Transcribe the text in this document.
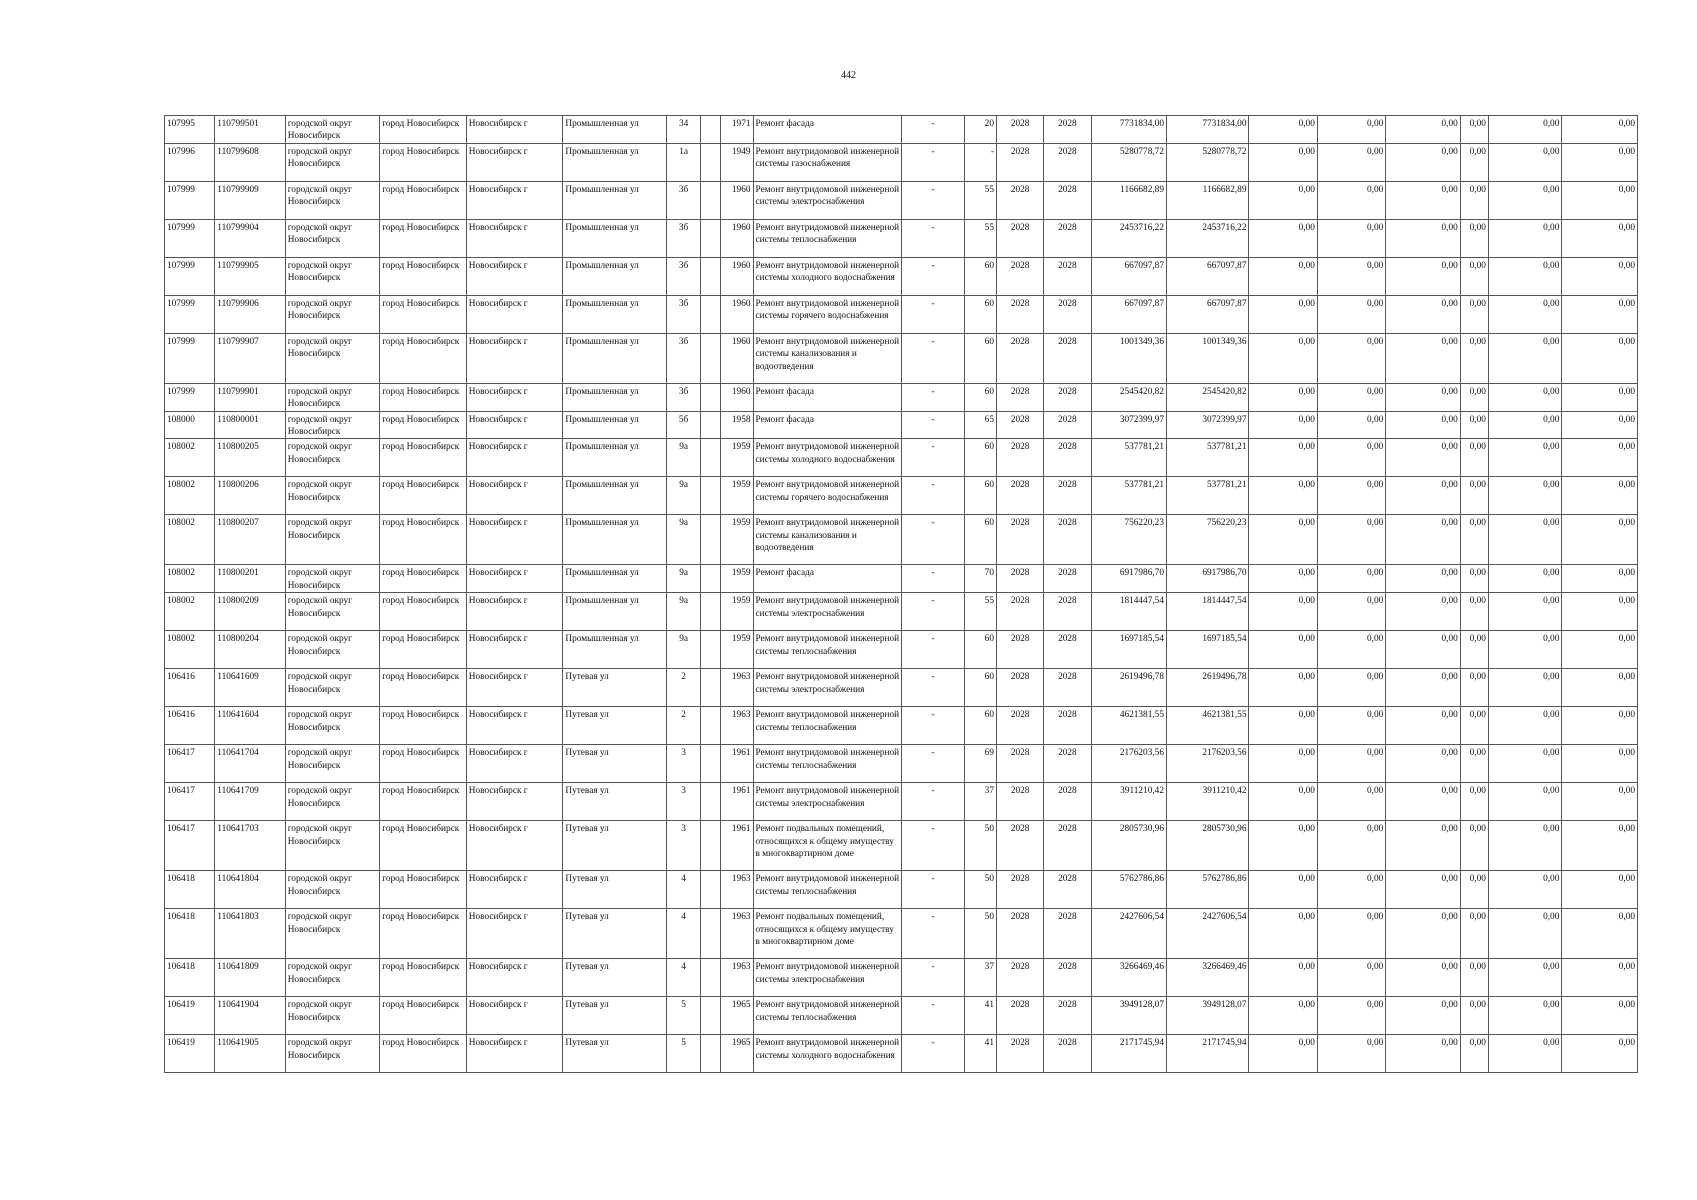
442
107995	110799501	городской округ Новосибирск	город Новосибирск	Новосибирск г	Промышленная ул	34		1971	Ремонт фасада	-	20	2028	2028	7731834,00	7731834,00	0,00	0,00	0,00	0,00	0,00	0,00
107996	110799608	городской округ Новосибирск	город Новосибирск	Новосибирск г	Промышленная ул	1а		1949	Ремонт внутридомовой инженерной системы газоснабжения	-	-	2028	2028	5280778,72	5280778,72	0,00	0,00	0,00	0,00	0,00	0,00
107999	110799909	городской округ Новосибирск	город Новосибирск	Новосибирск г	Промышленная ул	3б		1960	Ремонт внутридомовой инженерной системы электроснабжения	-	55	2028	2028	1166682,89	1166682,89	0,00	0,00	0,00	0,00	0,00	0,00
107999	110799904	городской округ Новосибирск	город Новосибирск	Новосибирск г	Промышленная ул	3б		1960	Ремонт внутридомовой инженерной системы теплоснабжения	-	55	2028	2028	2453716,22	2453716,22	0,00	0,00	0,00	0,00	0,00	0,00
107999	110799905	городской округ Новосибирск	город Новосибирск	Новосибирск г	Промышленная ул	3б		1960	Ремонт внутридомовой инженерной системы холодного водоснабжения	-	60	2028	2028	667097,87	667097,87	0,00	0,00	0,00	0,00	0,00	0,00
107999	110799906	городской округ Новосибирск	город Новосибирск	Новосибирск г	Промышленная ул	3б		1960	Ремонт внутридомовой инженерной системы горячего водоснабжения	-	60	2028	2028	667097,87	667097,87	0,00	0,00	0,00	0,00	0,00	0,00
107999	110799907	городской округ Новосибирск	город Новосибирск	Новосибирск г	Промышленная ул	3б		1960	Ремонт внутридомовой инженерной системы канализования и водоотведения	-	60	2028	2028	1001349,36	1001349,36	0,00	0,00	0,00	0,00	0,00	0,00
107999	110799901	городской округ Новосибирск	город Новосибирск	Новосибирск г	Промышленная ул	3б		1960	Ремонт фасада	-	60	2028	2028	2545420,82	2545420,82	0,00	0,00	0,00	0,00	0,00	0,00
108000	110800001	городской округ Новосибирск	город Новосибирск	Новосибирск г	Промышленная ул	5б		1958	Ремонт фасада	-	65	2028	2028	3072399,97	3072399,97	0,00	0,00	0,00	0,00	0,00	0,00
108002	110800205	городской округ Новосибирск	город Новосибирск	Новосибирск г	Промышленная ул	9а		1959	Ремонт внутридомовой инженерной системы холодного водоснабжения	-	60	2028	2028	537781,21	537781,21	0,00	0,00	0,00	0,00	0,00	0,00
108002	110800206	городской округ Новосибирск	город Новосибирск	Новосибирск г	Промышленная ул	9а		1959	Ремонт внутридомовой инженерной системы горячего водоснабжения	-	60	2028	2028	537781,21	537781,21	0,00	0,00	0,00	0,00	0,00	0,00
108002	110800207	городской округ Новосибирск	город Новосибирск	Новосибирск г	Промышленная ул	9а		1959	Ремонт внутридомовой инженерной системы канализования и водоотведения	-	60	2028	2028	756220,23	756220,23	0,00	0,00	0,00	0,00	0,00	0,00
108002	110800201	городской округ Новосибирск	город Новосибирск	Новосибирск г	Промышленная ул	9а		1959	Ремонт фасада	-	70	2028	2028	6917986,70	6917986,70	0,00	0,00	0,00	0,00	0,00	0,00
108002	110800209	городской округ Новосибирск	город Новосибирск	Новосибирск г	Промышленная ул	9а		1959	Ремонт внутридомовой инженерной системы электроснабжения	-	55	2028	2028	1814447,54	1814447,54	0,00	0,00	0,00	0,00	0,00	0,00
108002	110800204	городской округ Новосибирск	город Новосибирск	Новосибирск г	Промышленная ул	9а		1959	Ремонт внутридомовой инженерной системы теплоснабжения	-	60	2028	2028	1697185,54	1697185,54	0,00	0,00	0,00	0,00	0,00	0,00
106416	110641609	городской округ Новосибирск	город Новосибирск	Новосибирск г	Путевая ул	2		1963	Ремонт внутридомовой инженерной системы электроснабжения	-	60	2028	2028	2619496,78	2619496,78	0,00	0,00	0,00	0,00	0,00	0,00
106416	110641604	городской округ Новосибирск	город Новосибирск	Новосибирск г	Путевая ул	2		1963	Ремонт внутридомовой инженерной системы теплоснабжения	-	60	2028	2028	4621381,55	4621381,55	0,00	0,00	0,00	0,00	0,00	0,00
106417	110641704	городской округ Новосибирск	город Новосибирск	Новосибирск г	Путевая ул	3		1961	Ремонт внутридомовой инженерной системы теплоснабжения	-	69	2028	2028	2176203,56	2176203,56	0,00	0,00	0,00	0,00	0,00	0,00
106417	110641709	городской округ Новосибирск	город Новосибирск	Новосибирск г	Путевая ул	3		1961	Ремонт внутридомовой инженерной системы электроснабжения	-	37	2028	2028	3911210,42	3911210,42	0,00	0,00	0,00	0,00	0,00	0,00
106417	110641703	городской округ Новосибирск	город Новосибирск	Новосибирск г	Путевая ул	3		1961	Ремонт подвальных помещений, относящихся к общему имуществу в многоквартирном доме	-	50	2028	2028	2805730,96	2805730,96	0,00	0,00	0,00	0,00	0,00	0,00
106418	110641804	городской округ Новосибирск	город Новосибирск	Новосибирск г	Путевая ул	4		1963	Ремонт внутридомовой инженерной системы теплоснабжения	-	50	2028	2028	5762786,86	5762786,86	0,00	0,00	0,00	0,00	0,00	0,00
106418	110641803	городской округ Новосибирск	город Новосибирск	Новосибирск г	Путевая ул	4		1963	Ремонт подвальных помещений, относящихся к общему имуществу в многоквартирном доме	-	50	2028	2028	2427606,54	2427606,54	0,00	0,00	0,00	0,00	0,00	0,00
106418	110641809	городской округ Новосибирск	город Новосибирск	Новосибирск г	Путевая ул	4		1963	Ремонт внутридомовой инженерной системы электроснабжения	-	37	2028	2028	3266469,46	3266469,46	0,00	0,00	0,00	0,00	0,00	0,00
106419	110641904	городской округ Новосибирск	город Новосибирск	Новосибирск г	Путевая ул	5		1965	Ремонт внутридомовой инженерной системы теплоснабжения	-	41	2028	2028	3949128,07	3949128,07	0,00	0,00	0,00	0,00	0,00	0,00
106419	110641905	городской округ Новосибирск	город Новосибирск	Новосибирск г	Путевая ул	5		1965	Ремонт внутридомовой инженерной системы холодного водоснабжения	-	41	2028	2028	2171745,94	2171745,94	0,00	0,00	0,00	0,00	0,00	0,00
